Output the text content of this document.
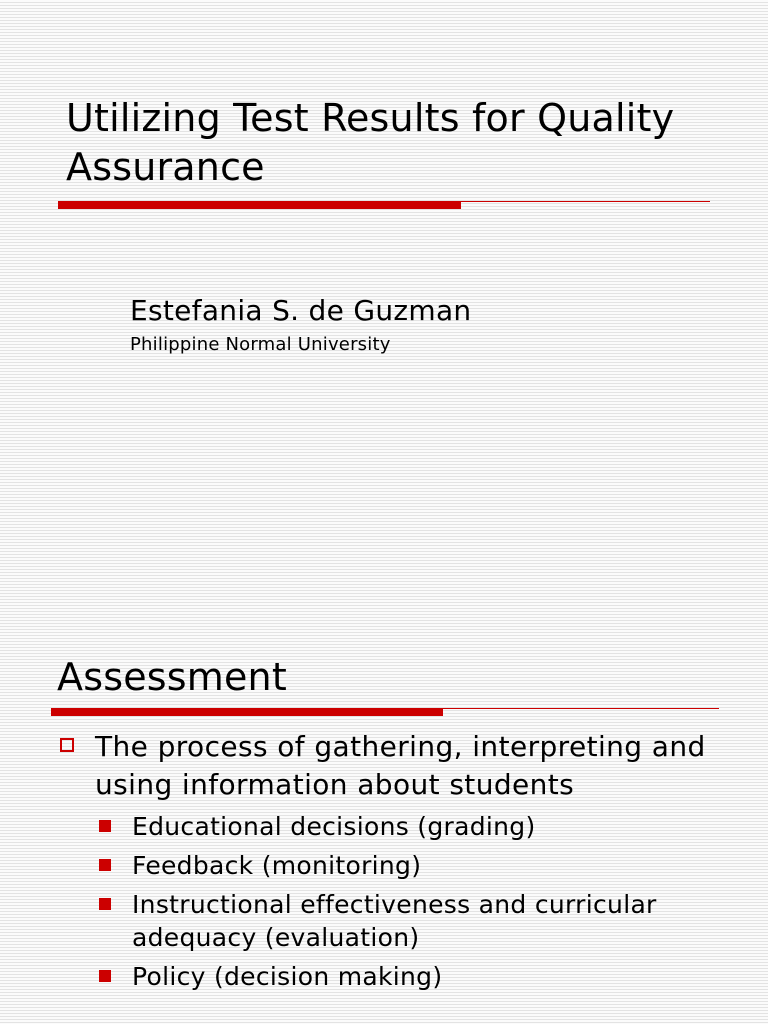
Utilizing Test Results for Quality Assurance
Estefania S. de Guzman
Philippine Normal University
Assessment
The process of gathering, interpreting and using information about students
Educational decisions (grading)
Feedback (monitoring)
Instructional effectiveness and curricular adequacy (evaluation)
Policy (decision making)
